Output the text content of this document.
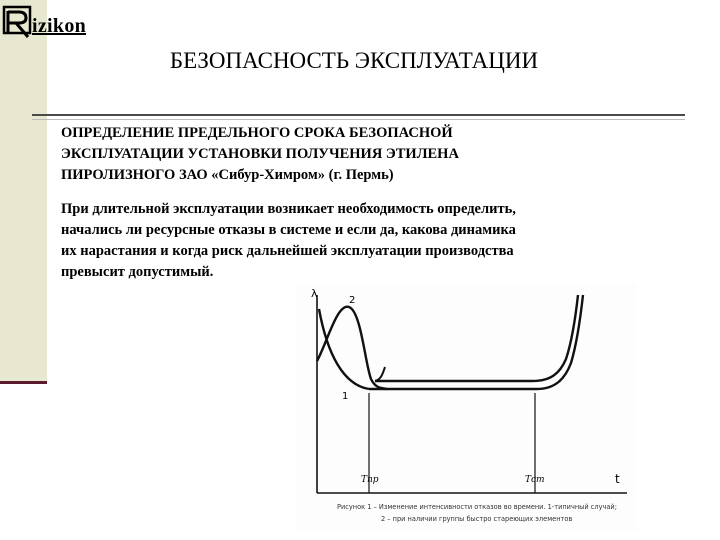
izikon
БЕЗОПАСНОСТЬ ЭКСПЛУАТАЦИИ

ОПРЕДЕЛЕНИЕ ПРЕДЕЛЬНОГО СРОКА БЕЗОПАСНОЙ
ЭКСПЛУАТАЦИИ УСТАНОВКИ ПОЛУЧЕНИЯ ЭТИЛЕНА
ПИРОЛИЗНОГО ЗАО «Сибур-Химром» (г. Пермь)

При длительной эксплуатации возникает необходимость определить,
начались ли ресурсные отказы в системе и если да, какова динамика
их нарастания и когда риск дальнейшей эксплуатации производства
превысит допустимый.

λ
t
2
1
Tпр	Tст
Рисунок 1 – Изменение интенсивности отказов во времени. 1-типичный случай;
2 – при наличии группы быстро стареющих элементов
